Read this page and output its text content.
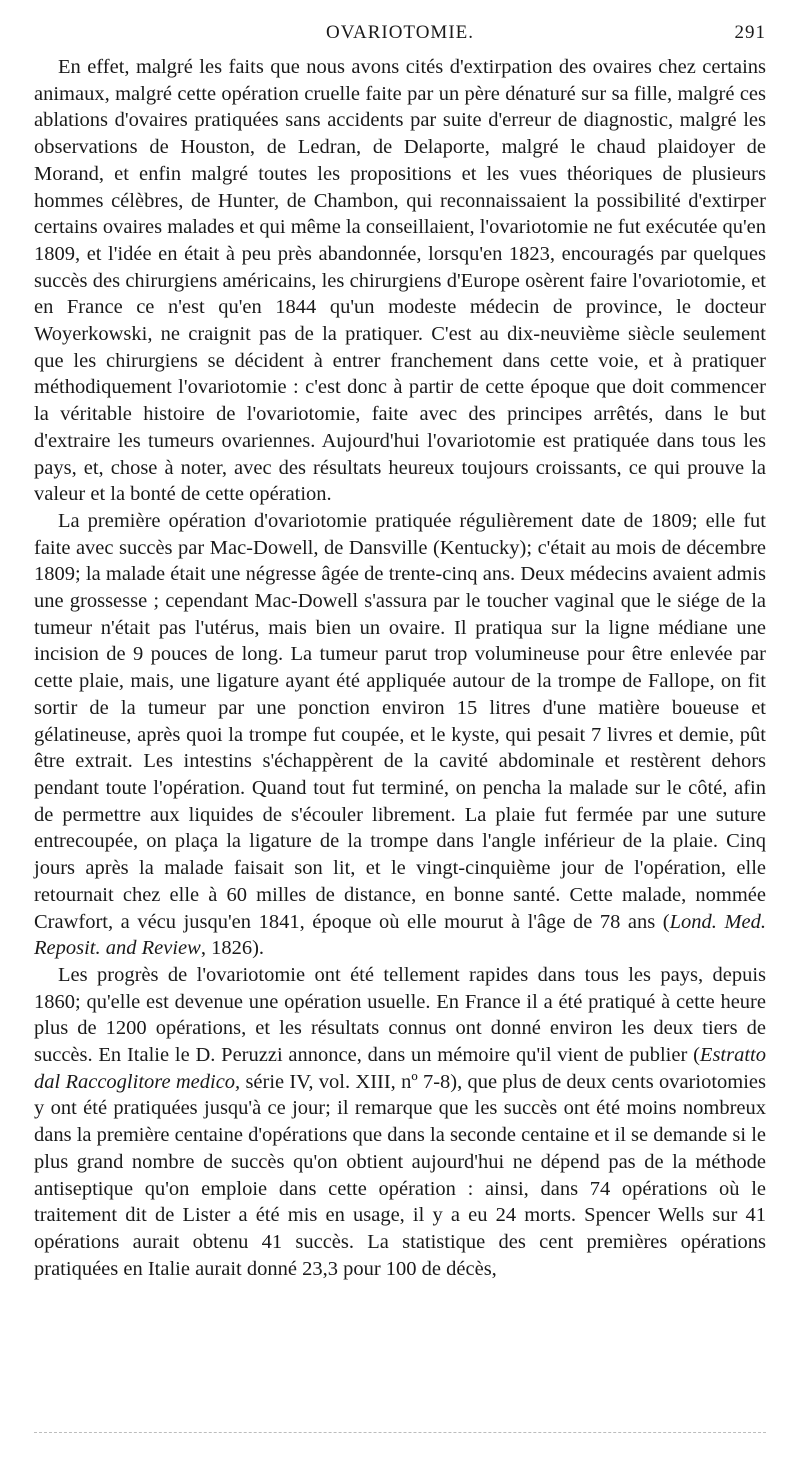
OVARIOTOMIE.	291

En effet, malgré les faits que nous avons cités d'extirpation des ovaires chez certains animaux, malgré cette opération cruelle faite par un père dénaturé sur sa fille, malgré ces ablations d'ovaires pratiquées sans accidents par suite d'erreur de diagnostic, malgré les observations de Houston, de Ledran, de Delaporte, malgré le chaud plaidoyer de Morand, et enfin malgré toutes les propositions et les vues théoriques de plusieurs hommes célèbres, de Hunter, de Chambon, qui reconnaissaient la possibilité d'extirper certains ovaires malades et qui même la conseillaient, l'ovariotomie ne fut exécutée qu'en 1809, et l'idée en était à peu près abandonnée, lorsqu'en 1823, encouragés par quelques succès des chirurgiens américains, les chirurgiens d'Europe osèrent faire l'ovariotomie, et en France ce n'est qu'en 1844 qu'un modeste médecin de province, le docteur Woyerkowski, ne craignit pas de la pratiquer. C'est au dix-neuvième siècle seulement que les chirurgiens se décident à entrer franchement dans cette voie, et à pratiquer méthodiquement l'ovariotomie : c'est donc à partir de cette époque que doit commencer la véritable histoire de l'ovariotomie, faite avec des principes arrêtés, dans le but d'extraire les tumeurs ovariennes. Aujourd'hui l'ovariotomie est pratiquée dans tous les pays, et, chose à noter, avec des résultats heureux toujours croissants, ce qui prouve la valeur et la bonté de cette opération.

La première opération d'ovariotomie pratiquée régulièrement date de 1809; elle fut faite avec succès par Mac-Dowell, de Dansville (Kentucky); c'était au mois de décembre 1809; la malade était une négresse âgée de trente-cinq ans. Deux médecins avaient admis une grossesse ; cependant Mac-Dowell s'assura par le toucher vaginal que le siége de la tumeur n'était pas l'utérus, mais bien un ovaire. Il pratiqua sur la ligne médiane une incision de 9 pouces de long. La tumeur parut trop volumineuse pour être enlevée par cette plaie, mais, une ligature ayant été appliquée autour de la trompe de Fallope, on fit sortir de la tumeur par une ponction environ 15 litres d'une matière boueuse et gélatineuse, après quoi la trompe fut coupée, et le kyste, qui pesait 7 livres et demie, pût être extrait. Les intestins s'échappèrent de la cavité abdominale et restèrent dehors pendant toute l'opération. Quand tout fut terminé, on pencha la malade sur le côté, afin de permettre aux liquides de s'écouler librement. La plaie fut fermée par une suture entrecoupée, on plaça la ligature de la trompe dans l'angle inférieur de la plaie. Cinq jours après la malade faisait son lit, et le vingt-cinquième jour de l'opération, elle retournait chez elle à 60 milles de distance, en bonne santé. Cette malade, nommée Crawfort, a vécu jusqu'en 1841, époque où elle mourut à l'âge de 78 ans (Lond. Med. Reposit. and Review, 1826).

Les progrès de l'ovariotomie ont été tellement rapides dans tous les pays, depuis 1860; qu'elle est devenue une opération usuelle. En France il a été pratiqué à cette heure plus de 1200 opérations, et les résultats connus ont donné environ les deux tiers de succès. En Italie le D. Peruzzi annonce, dans un mémoire qu'il vient de publier (Estratto dal Raccoglitore medico, série IV, vol. XIII, nº 7-8), que plus de deux cents ovariotomies y ont été pratiquées jusqu'à ce jour; il remarque que les succès ont été moins nombreux dans la première centaine d'opérations que dans la seconde centaine et il se demande si le plus grand nombre de succès qu'on obtient aujourd'hui ne dépend pas de la méthode antiseptique qu'on emploie dans cette opération : ainsi, dans 74 opérations où le traitement dit de Lister a été mis en usage, il y a eu 24 morts. Spencer Wells sur 41 opérations aurait obtenu 41 succès. La statistique des cent premières opérations pratiquées en Italie aurait donné 23,3 pour 100 de décès,
